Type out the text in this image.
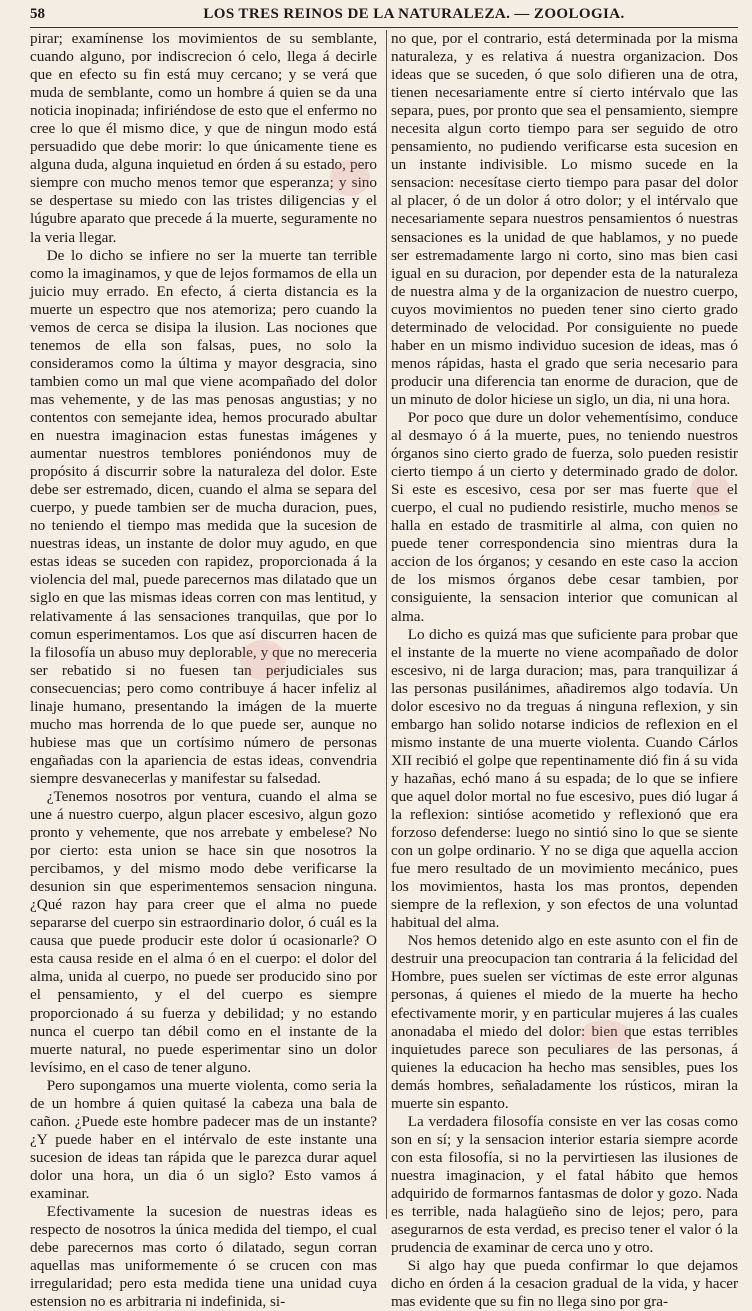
58	LOS TRES REINOS DE LA NATURALEZA. — ZOOLOGIA.

pirar; examínense los movimientos de su semblante, cuando alguno, por indiscrecion ó celo, llega á decirle que en efecto su fin está muy cercano; y se verá que muda de semblante, como un hombre á quien se da una noticia inopinada; infiriéndose de esto que el enfermo no cree lo que él mismo dice, y que de ningun modo está persuadido que debe morir: lo que únicamente tiene es alguna duda, alguna inquietud en órden á su estado, pero siempre con mucho menos temor que esperanza; y sino se despertase su miedo con las tristes diligencias y el lúgubre aparato que precede á la muerte, seguramente no la veria llegar.

De lo dicho se infiere no ser la muerte tan terrible como la imaginamos, y que de lejos formamos de ella un juicio muy errado. En efecto, á cierta distancia es la muerte un espectro que nos atemoriza; pero cuando la vemos de cerca se disipa la ilusion. Las nociones que tenemos de ella son falsas, pues, no solo la consideramos como la última y mayor desgracia, sino tambien como un mal que viene acompañado del dolor mas vehemente, y de las mas penosas angustias; y no contentos con semejante idea, hemos procurado abultar en nuestra imaginacion estas funestas imágenes y aumentar nuestros temblores poniéndonos muy de propósito á discurrir sobre la naturaleza del dolor. Este debe ser estremado, dicen, cuando el alma se separa del cuerpo, y puede tambien ser de mucha duracion, pues, no teniendo el tiempo mas medida que la sucesion de nuestras ideas, un instante de dolor muy agudo, en que estas ideas se suceden con rapidez, proporcionada á la violencia del mal, puede parecernos mas dilatado que un siglo en que las mismas ideas corren con mas lentitud, y relativamente á las sensaciones tranquilas, que por lo comun esperimentamos. Los que así discurren hacen de la filosofía un abuso muy deplorable, y que no mereceria ser rebatido si no fuesen tan perjudiciales sus consecuencias; pero como contribuye á hacer infeliz al linaje humano, presentando la imágen de la muerte mucho mas horrenda de lo que puede ser, aunque no hubiese mas que un cortísimo número de personas engañadas con la apariencia de estas ideas, convendria siempre desvanecerlas y manifestar su falsedad.

¿Tenemos nosotros por ventura, cuando el alma se une á nuestro cuerpo, algun placer escesivo, algun gozo pronto y vehemente, que nos arrebate y embelese? No por cierto: esta union se hace sin que nosotros la percibamos, y del mismo modo debe verificarse la desunion sin que esperimentemos sensacion ninguna. ¿Qué razon hay para creer que el alma no puede separarse del cuerpo sin estraordinario dolor, ó cuál es la causa que puede producir este dolor ú ocasionarle? O esta causa reside en el alma ó en el cuerpo: el dolor del alma, unida al cuerpo, no puede ser producido sino por el pensamiento, y el del cuerpo es siempre proporcionado á su fuerza y debilidad; y no estando nunca el cuerpo tan débil como en el instante de la muerte natural, no puede esperimentar sino un dolor levísimo, en el caso de tener alguno.

Pero supongamos una muerte violenta, como seria la de un hombre á quien quitasé la cabeza una bala de cañon. ¿Puede este hombre padecer mas de un instante? ¿Y puede haber en el intérvalo de este instante una sucesion de ideas tan rápida que le parezca durar aquel dolor una hora, un dia ó un siglo? Esto vamos á examinar.

Efectivamente la sucesion de nuestras ideas es respecto de nosotros la única medida del tiempo, el cual debe parecernos mas corto ó dilatado, segun corran aquellas mas uniformemente ó se crucen con mas irregularidad; pero esta medida tiene una unidad cuya estension no es arbitraria ni indefinida, si-

no que, por el contrario, está determinada por la misma naturaleza, y es relativa á nuestra organizacion. Dos ideas que se suceden, ó que solo difieren una de otra, tienen necesariamente entre sí cierto intérvalo que las separa, pues, por pronto que sea el pensamiento, siempre necesita algun corto tiempo para ser seguido de otro pensamiento, no pudiendo verificarse esta sucesion en un instante indivisible. Lo mismo sucede en la sensacion: necesítase cierto tiempo para pasar del dolor al placer, ó de un dolor á otro dolor; y el intérvalo que necesariamente separa nuestros pensamientos ó nuestras sensaciones es la unidad de que hablamos, y no puede ser estremadamente largo ni corto, sino mas bien casi igual en su duracion, por depender esta de la naturaleza de nuestra alma y de la organizacion de nuestro cuerpo, cuyos movimientos no pueden tener sino cierto grado determinado de velocidad. Por consiguiente no puede haber en un mismo individuo sucesion de ideas, mas ó menos rápidas, hasta el grado que seria necesario para producir una diferencia tan enorme de duracion, que de un minuto de dolor hiciese un siglo, un dia, ni una hora.

Por poco que dure un dolor vehementísimo, conduce al desmayo ó á la muerte, pues, no teniendo nuestros órganos sino cierto grado de fuerza, solo pueden resistir cierto tiempo á un cierto y determinado grado de dolor. Si este es escesivo, cesa por ser mas fuerte que el cuerpo, el cual no pudiendo resistirle, mucho menos se halla en estado de trasmitirle al alma, con quien no puede tener correspondencia sino mientras dura la accion de los órganos; y cesando en este caso la accion de los mismos órganos debe cesar tambien, por consiguiente, la sensacion interior que comunican al alma.

Lo dicho es quizá mas que suficiente para probar que el instante de la muerte no viene acompañado de dolor escesivo, ni de larga duracion; mas, para tranquilizar á las personas pusilánimes, añadiremos algo todavía. Un dolor escesivo no da treguas á ninguna reflexion, y sin embargo han solido notarse indicios de reflexion en el mismo instante de una muerte violenta. Cuando Cárlos XII recibió el golpe que repentinamente dió fin á su vida y hazañas, echó mano á su espada; de lo que se infiere que aquel dolor mortal no fue escesivo, pues dió lugar á la reflexion: sintióse acometido y reflexionó que era forzoso defenderse: luego no sintió sino lo que se siente con un golpe ordinario. Y no se diga que aquella accion fue mero resultado de un movimiento mecánico, pues los movimientos, hasta los mas prontos, dependen siempre de la reflexion, y son efectos de una voluntad habitual del alma.

Nos hemos detenido algo en este asunto con el fin de destruir una preocupacion tan contraria á la felicidad del Hombre, pues suelen ser víctimas de este error algunas personas, á quienes el miedo de la muerte ha hecho efectivamente morir, y en particular mujeres á las cuales anonadaba el miedo del dolor: bien que estas terribles inquietudes parece son peculiares de las personas, á quienes la educacion ha hecho mas sensibles, pues los demás hombres, señaladamente los rústicos, miran la muerte sin espanto.

La verdadera filosofía consiste en ver las cosas como son en sí; y la sensacion interior estaria siempre acorde con esta filosofía, si no la pervirtiesen las ilusiones de nuestra imaginacion, y el fatal hábito que hemos adquirido de formarnos fantasmas de dolor y gozo. Nada es terrible, nada halagüeño sino de lejos; pero, para asegurarnos de esta verdad, es preciso tener el valor ó la prudencia de examinar de cerca uno y otro.

Si algo hay que pueda confirmar lo que dejamos dicho en órden á la cesacion gradual de la vida, y hacer mas evidente que su fin no llega sino por gra-
